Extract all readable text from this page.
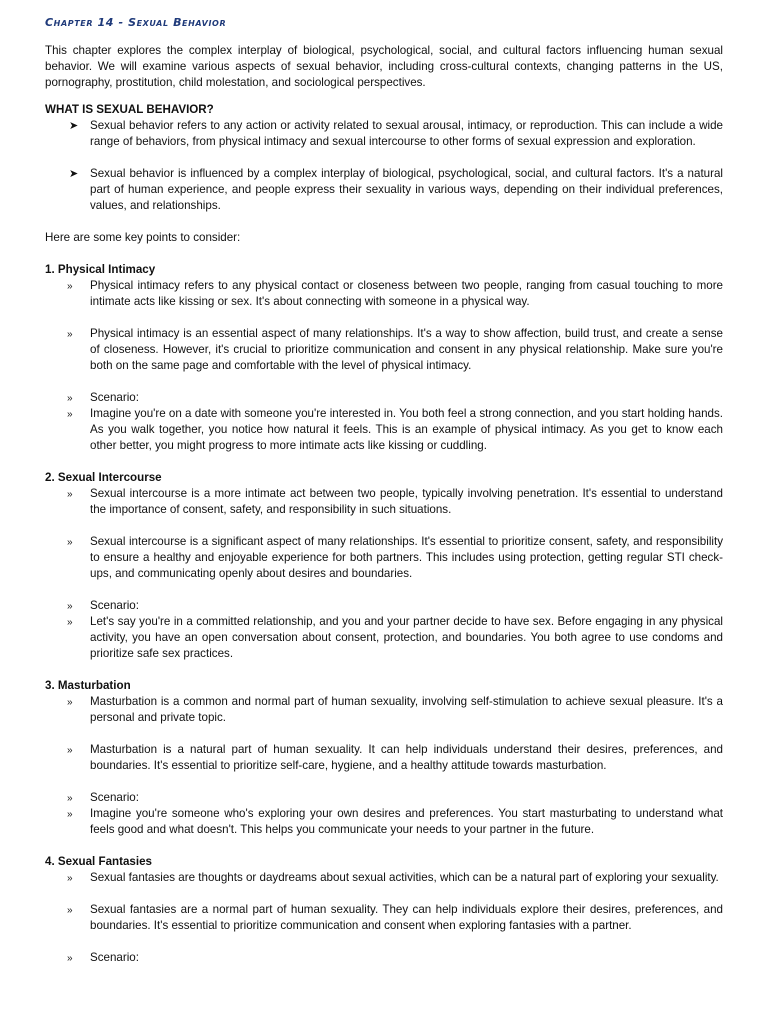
Chapter 14 - Sexual Behavior

This chapter explores the complex interplay of biological, psychological, social, and cultural factors influencing human sexual behavior. We will examine various aspects of sexual behavior, including cross-cultural contexts, changing patterns in the US, pornography, prostitution, child molestation, and sociological perspectives.

WHAT IS SEXUAL BEHAVIOR?
➤ Sexual behavior refers to any action or activity related to sexual arousal, intimacy, or reproduction. This can include a wide range of behaviors, from physical intimacy and sexual intercourse to other forms of sexual expression and exploration.
➤ Sexual behavior is influenced by a complex interplay of biological, psychological, social, and cultural factors. It's a natural part of human experience, and people express their sexuality in various ways, depending on their individual preferences, values, and relationships.

Here are some key points to consider:

1. Physical Intimacy
» Physical intimacy refers to any physical contact or closeness between two people, ranging from casual touching to more intimate acts like kissing or sex. It's about connecting with someone in a physical way.
» Physical intimacy is an essential aspect of many relationships. It's a way to show affection, build trust, and create a sense of closeness. However, it's crucial to prioritize communication and consent in any physical relationship. Make sure you're both on the same page and comfortable with the level of physical intimacy.
» Scenario:
» Imagine you're on a date with someone you're interested in. You both feel a strong connection, and you start holding hands. As you walk together, you notice how natural it feels. This is an example of physical intimacy. As you get to know each other better, you might progress to more intimate acts like kissing or cuddling.
2. Sexual Intercourse
» Sexual intercourse is a more intimate act between two people, typically involving penetration. It's essential to understand the importance of consent, safety, and responsibility in such situations.
» Sexual intercourse is a significant aspect of many relationships. It's essential to prioritize consent, safety, and responsibility to ensure a healthy and enjoyable experience for both partners. This includes using protection, getting regular STI check-ups, and communicating openly about desires and boundaries.
» Scenario:
» Let's say you're in a committed relationship, and you and your partner decide to have sex. Before engaging in any physical activity, you have an open conversation about consent, protection, and boundaries. You both agree to use condoms and prioritize safe sex practices.
3. Masturbation
» Masturbation is a common and normal part of human sexuality, involving self-stimulation to achieve sexual pleasure. It's a personal and private topic.
» Masturbation is a natural part of human sexuality. It can help individuals understand their desires, preferences, and boundaries. It's essential to prioritize self-care, hygiene, and a healthy attitude towards masturbation.
» Scenario:
» Imagine you're someone who's exploring your own desires and preferences. You start masturbating to understand what feels good and what doesn't. This helps you communicate your needs to your partner in the future.
4. Sexual Fantasies
» Sexual fantasies are thoughts or daydreams about sexual activities, which can be a natural part of exploring your sexuality.
» Sexual fantasies are a normal part of human sexuality. They can help individuals explore their desires, preferences, and boundaries. It's essential to prioritize communication and consent when exploring fantasies with a partner.
» Scenario:
